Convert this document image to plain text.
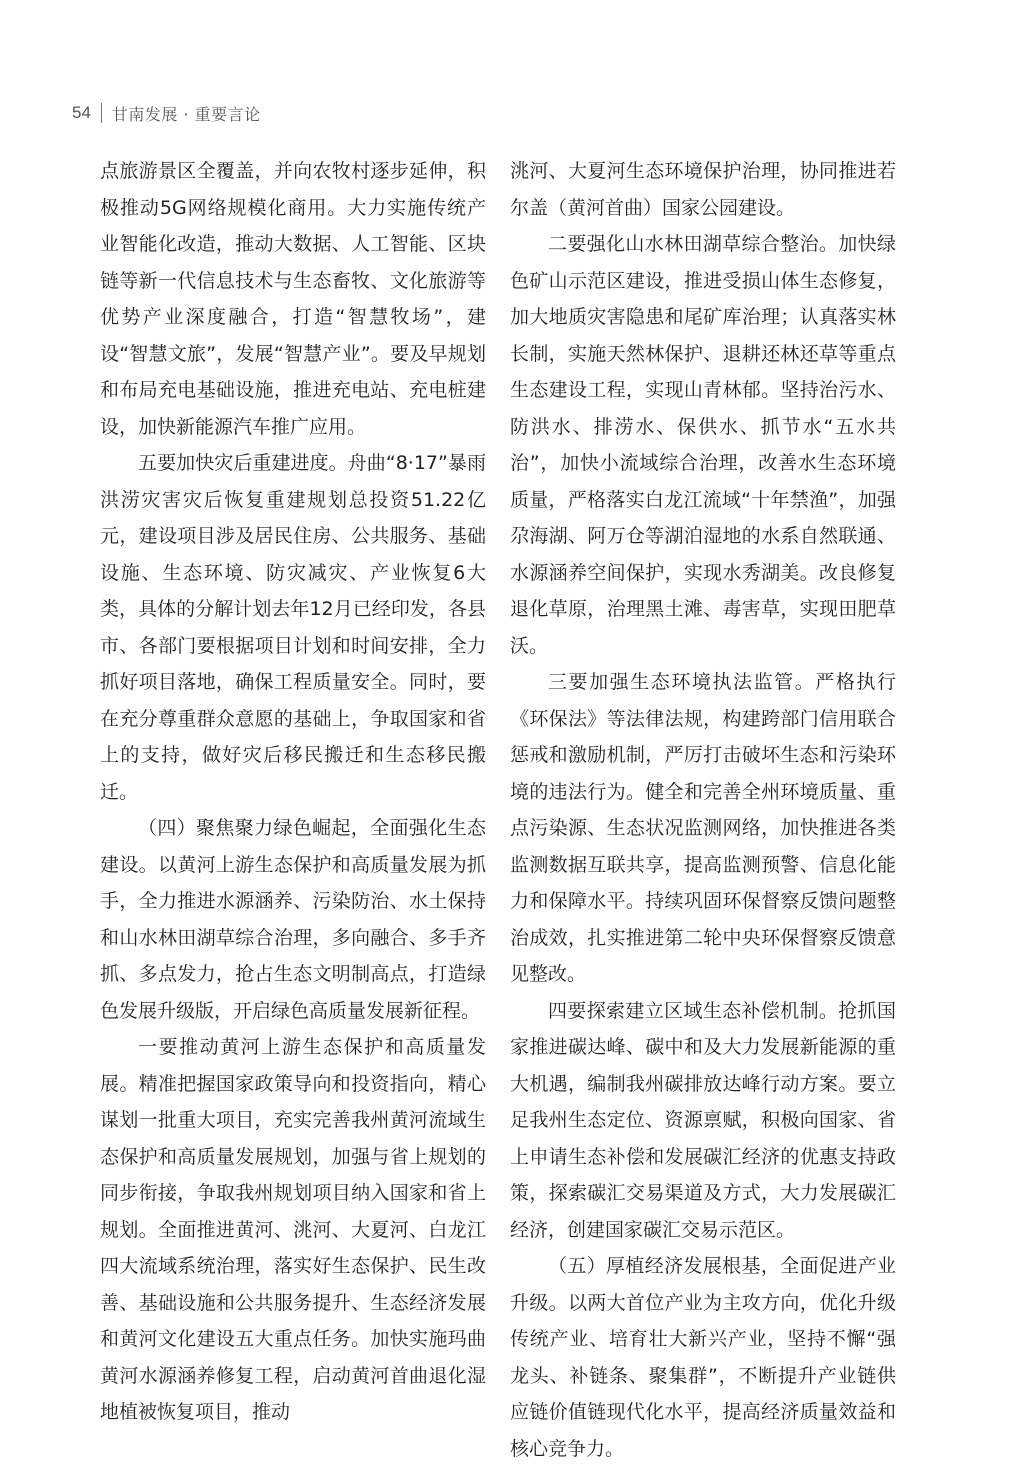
54 甘南发展 · 重要言论

点旅游景区全覆盖，并向农牧村逐步延伸，积极推动5G网络规模化商用。大力实施传统产业智能化改造，推动大数据、人工智能、区块链等新一代信息技术与生态畜牧、文化旅游等优势产业深度融合，打造“智慧牧场”，建设“智慧文旅”，发展“智慧产业”。要及早规划和布局充电基础设施，推进充电站、充电桩建设，加快新能源汽车推广应用。

五要加快灾后重建进度。舟曲“8·17”暴雨洪涝灾害灾后恢复重建规划总投资51.22亿元，建设项目涉及居民住房、公共服务、基础设施、生态环境、防灾减灾、产业恢复6大类，具体的分解计划去年12月已经印发，各县市、各部门要根据项目计划和时间安排，全力抓好项目落地，确保工程质量安全。同时，要在充分尊重群众意愿的基础上，争取国家和省上的支持，做好灾后移民搬迁和生态移民搬迁。

（四）聚焦聚力绿色崛起，全面强化生态建设。以黄河上游生态保护和高质量发展为抓手，全力推进水源涵养、污染防治、水土保持和山水林田湖草综合治理，多向融合、多手齐抓、多点发力，抢占生态文明制高点，打造绿色发展升级版，开启绿色高质量发展新征程。

一要推动黄河上游生态保护和高质量发展。精准把握国家政策导向和投资指向，精心谋划一批重大项目，充实完善我州黄河流域生态保护和高质量发展规划，加强与省上规划的同步衔接，争取我州规划项目纳入国家和省上规划。全面推进黄河、洮河、大夏河、白龙江四大流域系统治理，落实好生态保护、民生改善、基础设施和公共服务提升、生态经济发展和黄河文化建设五大重点任务。加快实施玛曲黄河水源涵养修复工程，启动黄河首曲退化湿地植被恢复项目，推动

洮河、大夏河生态环境保护治理，协同推进若尔盖（黄河首曲）国家公园建设。

二要强化山水林田湖草综合整治。加快绿色矿山示范区建设，推进受损山体生态修复，加大地质灾害隐患和尾矿库治理；认真落实林长制，实施天然林保护、退耕还林还草等重点生态建设工程，实现山青林郁。坚持治污水、防洪水、排涝水、保供水、抓节水“五水共治”，加快小流域综合治理，改善水生态环境质量，严格落实白龙江流域“十年禁渔”，加强尕海湖、阿万仓等湖泊湿地的水系自然联通、水源涵养空间保护，实现水秀湖美。改良修复退化草原，治理黑土滩、毒害草，实现田肥草沃。

三要加强生态环境执法监管。严格执行《环保法》等法律法规，构建跨部门信用联合惩戒和激励机制，严厉打击破坏生态和污染环境的违法行为。健全和完善全州环境质量、重点污染源、生态状况监测网络，加快推进各类监测数据互联共享，提高监测预警、信息化能力和保障水平。持续巩固环保督察反馈问题整治成效，扎实推进第二轮中央环保督察反馈意见整改。

四要探索建立区域生态补偿机制。抢抓国家推进碳达峰、碳中和及大力发展新能源的重大机遇，编制我州碳排放达峰行动方案。要立足我州生态定位、资源禀赋，积极向国家、省上申请生态补偿和发展碳汇经济的优惠支持政策，探索碳汇交易渠道及方式，大力发展碳汇经济，创建国家碳汇交易示范区。

（五）厚植经济发展根基，全面促进产业升级。以两大首位产业为主攻方向，优化升级传统产业、培育壮大新兴产业，坚持不懈“强龙头、补链条、聚集群”，不断提升产业链供应链价值链现代化水平，提高经济质量效益和核心竞争力。
